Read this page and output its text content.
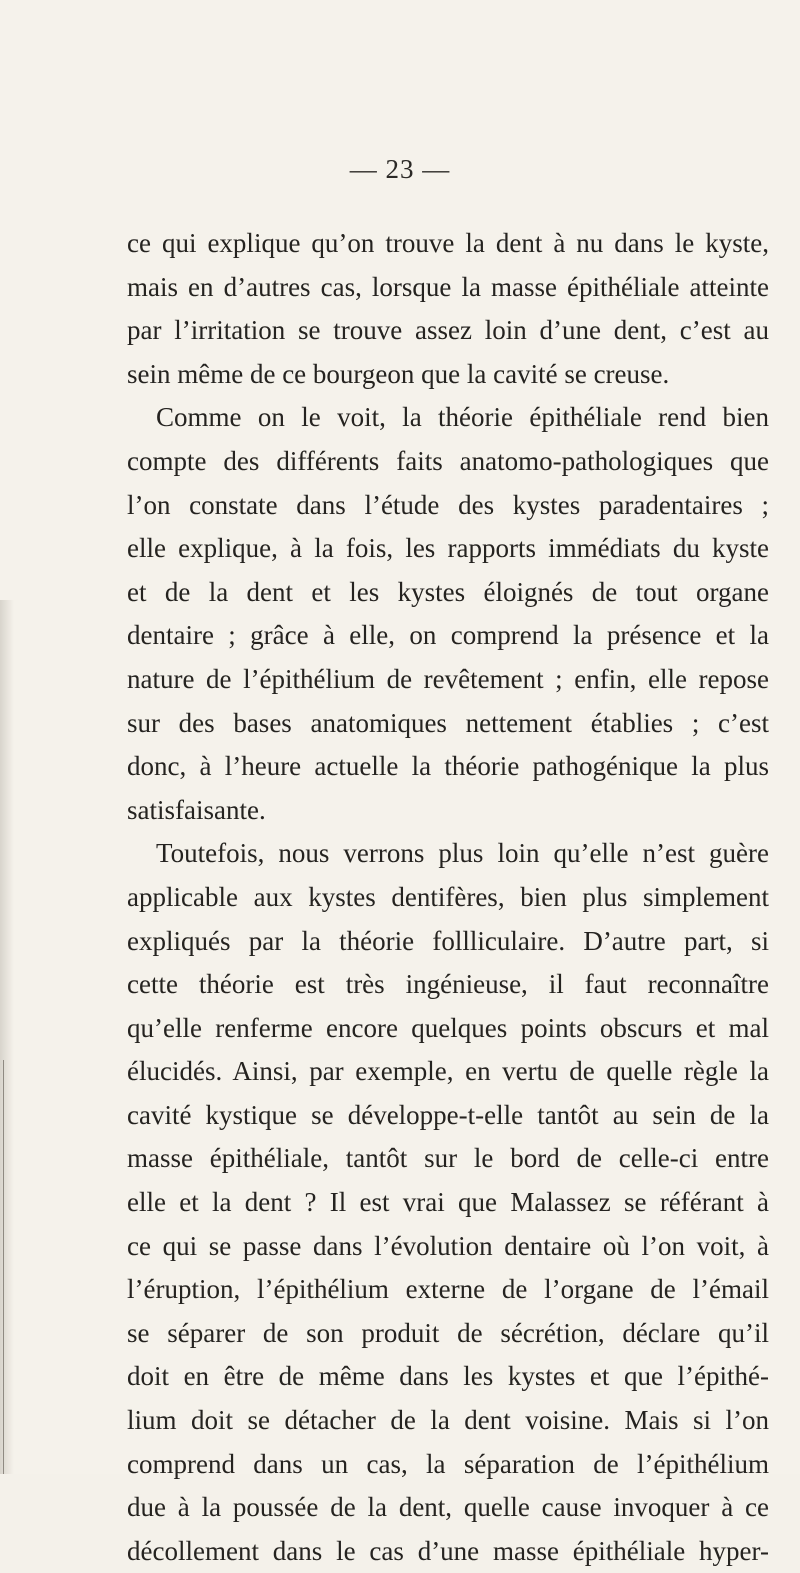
— 23 —
ce qui explique qu’on trouve la dent à nu dans le kyste,
mais en d’autres cas, lorsque la masse épithéliale atteinte
par l’irritation se trouve assez loin d’une dent, c’est au
sein même de ce bourgeon que la cavité se creuse.
Comme on le voit, la théorie épithéliale rend bien
compte des différents faits anatomo-pathologiques que
l’on constate dans l’étude des kystes paradentaires ;
elle explique, à la fois, les rapports immédiats du kyste
et de la dent et les kystes éloignés de tout organe
dentaire ; grâce à elle, on comprend la présence et la
nature de l’épithélium de revêtement ; enfin, elle repose
sur des bases anatomiques nettement établies ; c’est
donc, à l’heure actuelle la théorie pathogénique la plus
satisfaisante.
Toutefois, nous verrons plus loin qu’elle n’est guère
applicable aux kystes dentifères, bien plus simplement
expliqués par la théorie follliculaire. D’autre part, si
cette théorie est très ingénieuse, il faut reconnaître
qu’elle renferme encore quelques points obscurs et mal
élucidés. Ainsi, par exemple, en vertu de quelle règle la
cavité kystique se développe-t-elle tantôt au sein de la
masse épithéliale, tantôt sur le bord de celle-ci entre
elle et la dent ? Il est vrai que Malassez se référant à
ce qui se passe dans l’évolution dentaire où l’on voit, à
l’éruption, l’épithélium externe de l’organe de l’émail
se séparer de son produit de sécrétion, déclare qu’il
doit en être de même dans les kystes et que l’épithé-
lium doit se détacher de la dent voisine. Mais si l’on
comprend dans un cas, la séparation de l’épithélium
due à la poussée de la dent, quelle cause invoquer à ce
décollement dans le cas d’une masse épithéliale hyper-
